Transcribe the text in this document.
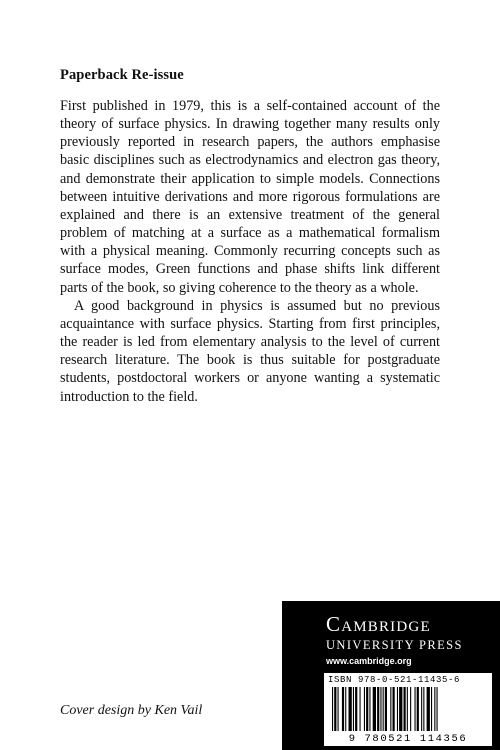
Paperback Re-issue

First published in 1979, this is a self-contained account of the theory of surface physics. In drawing together many results only previously reported in research papers, the authors emphasise basic disciplines such as electrodynamics and electron gas theory, and demonstrate their application to simple models. Connections between intuitive derivations and more rigorous formulations are explained and there is an extensive treatment of the general problem of matching at a surface as a mathematical formalism with a physical meaning. Commonly recurring concepts such as surface modes, Green functions and phase shifts link different parts of the book, so giving coherence to the theory as a whole.

A good background in physics is assumed but no previous acquaintance with surface physics. Starting from first principles, the reader is led from elementary analysis to the level of current research literature. The book is thus suitable for postgraduate students, postdoctoral workers or anyone wanting a systematic introduction to the field.

Cambridge
UNIVERSITY PRESS
www.cambridge.org
ISBN 978-0-521-11435-6
9 780521 114356
Cover design by Ken Vail
